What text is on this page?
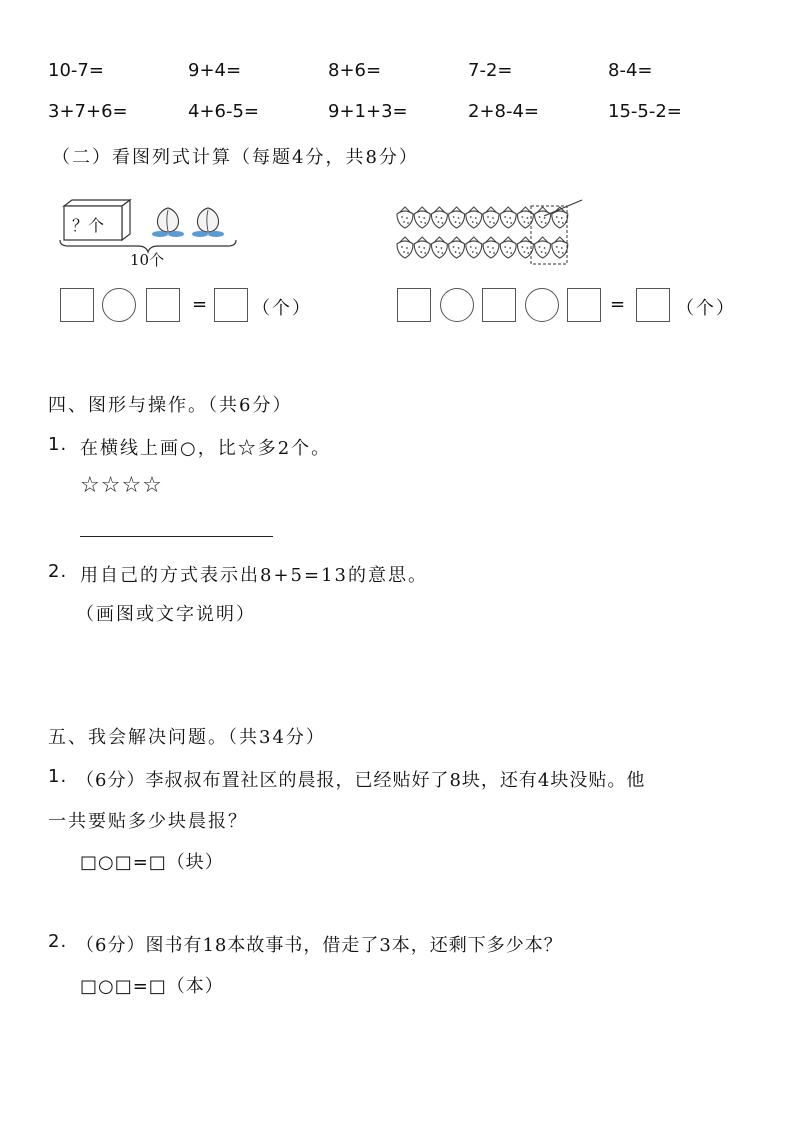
10-7=	9+4=	8+6=	7-2=	8-4=
3+7+6=	4+6-5=	9+1+3=	2+8-4=	15-5-2=
（二）看图列式计算（每题4分，共8分）
？个
10个
= （个）	=	（个）
四、图形与操作。（共6分）
1. 在横线上画○，比☆多2个。
☆☆☆☆
2. 用自己的方式表示出8+5=13的意思。
（画图或文字说明）
五、我会解决问题。（共34分）
1. （6分）李叔叔布置社区的晨报，已经贴好了8块，还有4块没贴。他
一共要贴多少块晨报？
□○□=□（块）
2. （6分）图书有18本故事书，借走了3本，还剩下多少本？
□○□=□（本）
